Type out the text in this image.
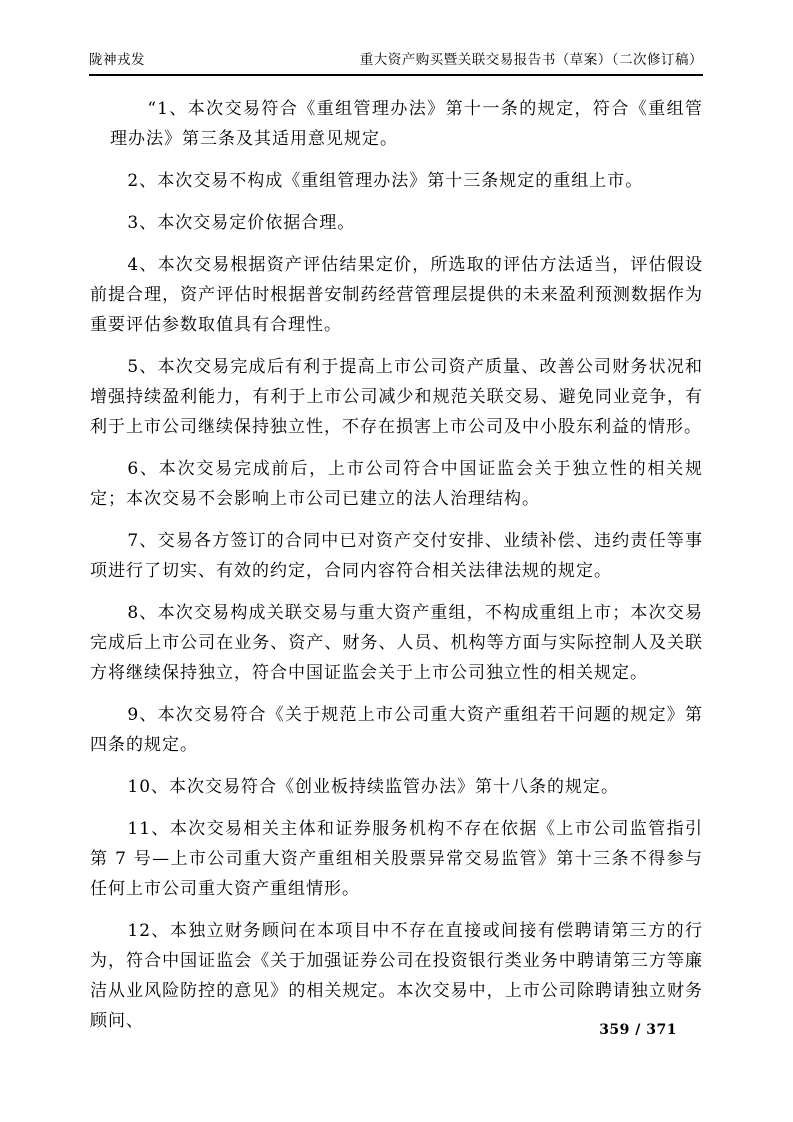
陇神戎发	重大资产购买暨关联交易报告书（草案）（二次修订稿）

“1、本次交易符合《重组管理办法》第十一条的规定，符合《重组管理办法》第三条及其适用意见规定。

2、本次交易不构成《重组管理办法》第十三条规定的重组上市。

3、本次交易定价依据合理。

4、本次交易根据资产评估结果定价，所选取的评估方法适当，评估假设前提合理，资产评估时根据普安制药经营管理层提供的未来盈利预测数据作为重要评估参数取值具有合理性。

5、本次交易完成后有利于提高上市公司资产质量、改善公司财务状况和增强持续盈利能力，有利于上市公司减少和规范关联交易、避免同业竞争，有利于上市公司继续保持独立性，不存在损害上市公司及中小股东利益的情形。

6、本次交易完成前后，上市公司符合中国证监会关于独立性的相关规定；本次交易不会影响上市公司已建立的法人治理结构。

7、交易各方签订的合同中已对资产交付安排、业绩补偿、违约责任等事项进行了切实、有效的约定，合同内容符合相关法律法规的规定。

8、本次交易构成关联交易与重大资产重组，不构成重组上市；本次交易完成后上市公司在业务、资产、财务、人员、机构等方面与实际控制人及关联方将继续保持独立，符合中国证监会关于上市公司独立性的相关规定。

9、本次交易符合《关于规范上市公司重大资产重组若干问题的规定》第四条的规定。

10、本次交易符合《创业板持续监管办法》第十八条的规定。

11、本次交易相关主体和证券服务机构不存在依据《上市公司监管指引第 7 号—上市公司重大资产重组相关股票异常交易监管》第十三条不得参与任何上市公司重大资产重组情形。

12、本独立财务顾问在本项目中不存在直接或间接有偿聘请第三方的行为，符合中国证监会《关于加强证券公司在投资银行类业务中聘请第三方等廉洁从业风险防控的意见》的相关规定。本次交易中，上市公司除聘请独立财务顾问、	359 / 371
